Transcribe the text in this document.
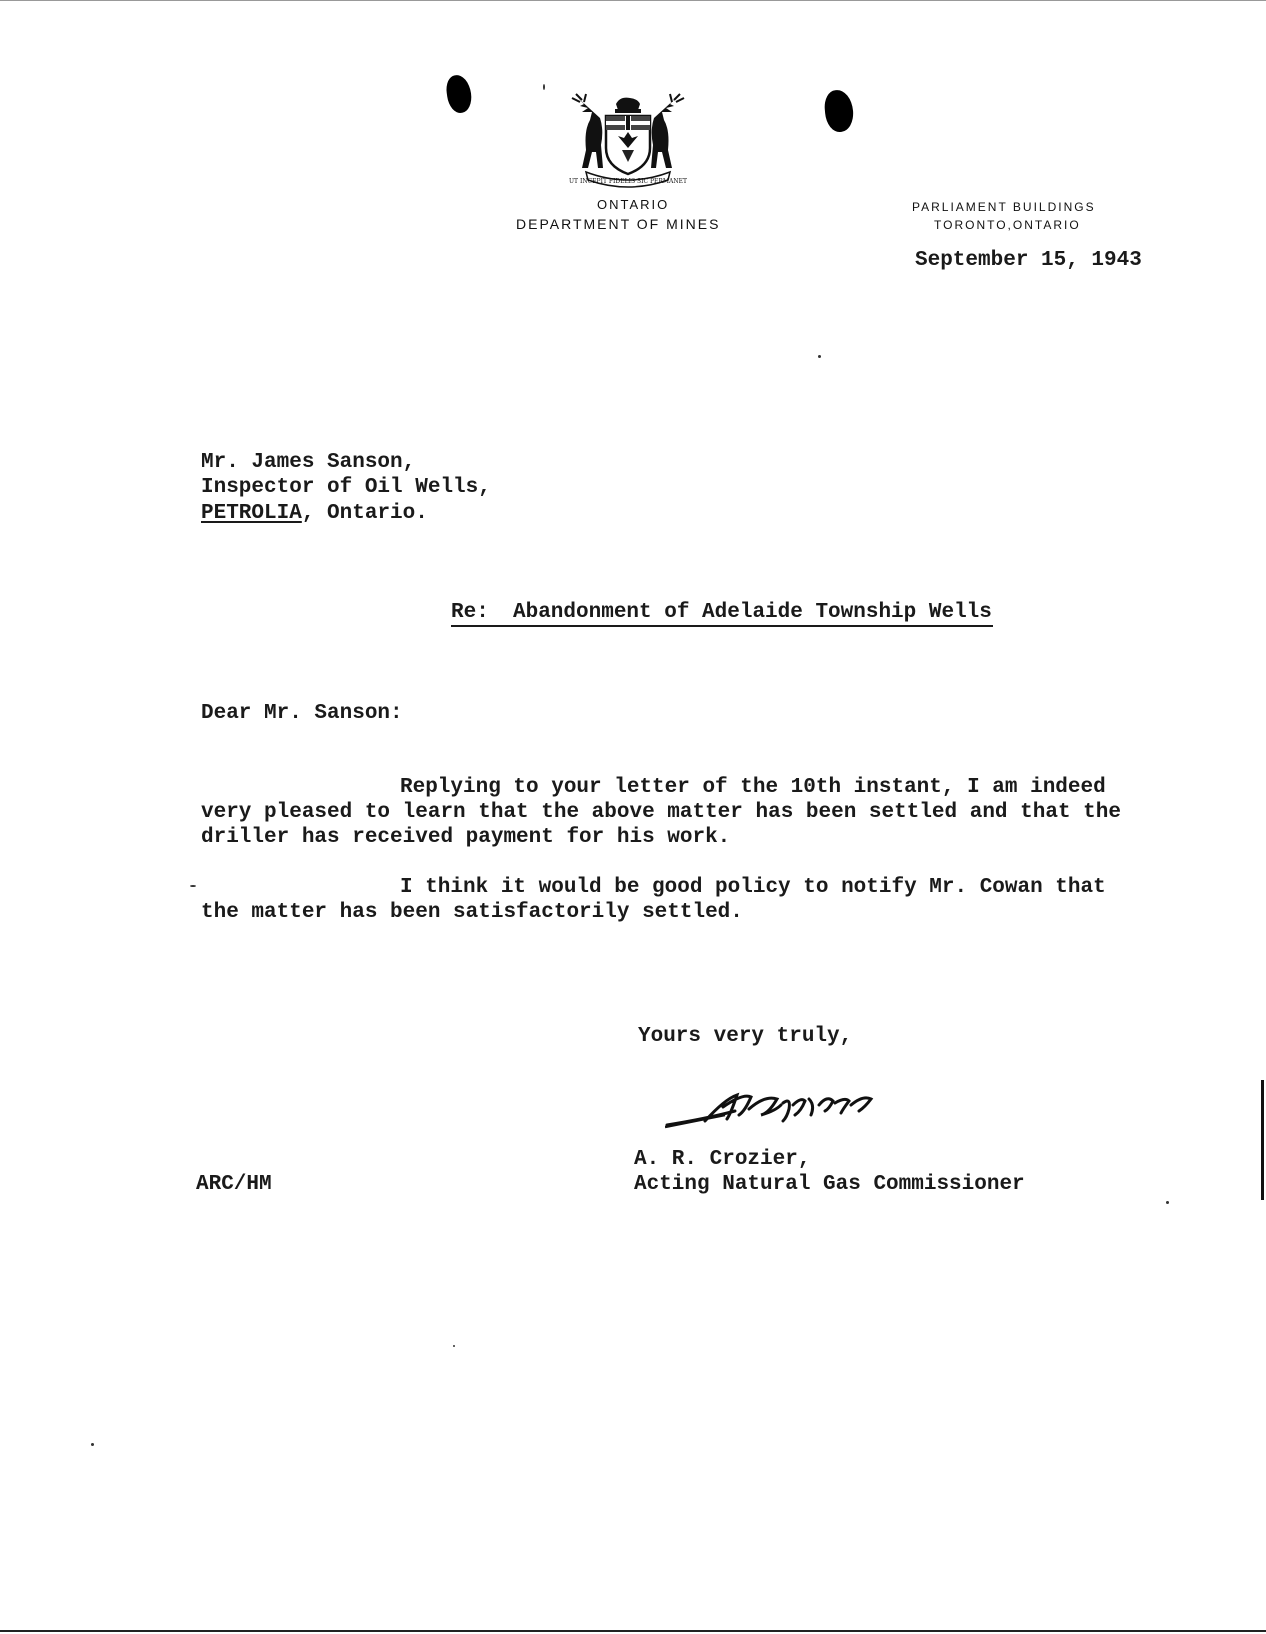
UT INCEPIT FIDELIS SIC PERMANET
ONTARIO
DEPARTMENT OF MINES
PARLIAMENT BUILDINGS
TORONTO,ONTARIO
September 15, 1943
Mr. James Sanson,
Inspector of Oil Wells,
PETROLIA, Ontario.
Re: Abandonment of Adelaide Township Wells
Dear Mr. Sanson:
Replying to your letter of the 10th instant, I am indeed
very pleased to learn that the above matter has been settled and that the
driller has received payment for his work.
I think it would be good policy to notify Mr. Cowan that
the matter has been satisfactorily settled.
Yours very truly,
A. R. Crozier,
Acting Natural Gas Commissioner
ARC/HM
